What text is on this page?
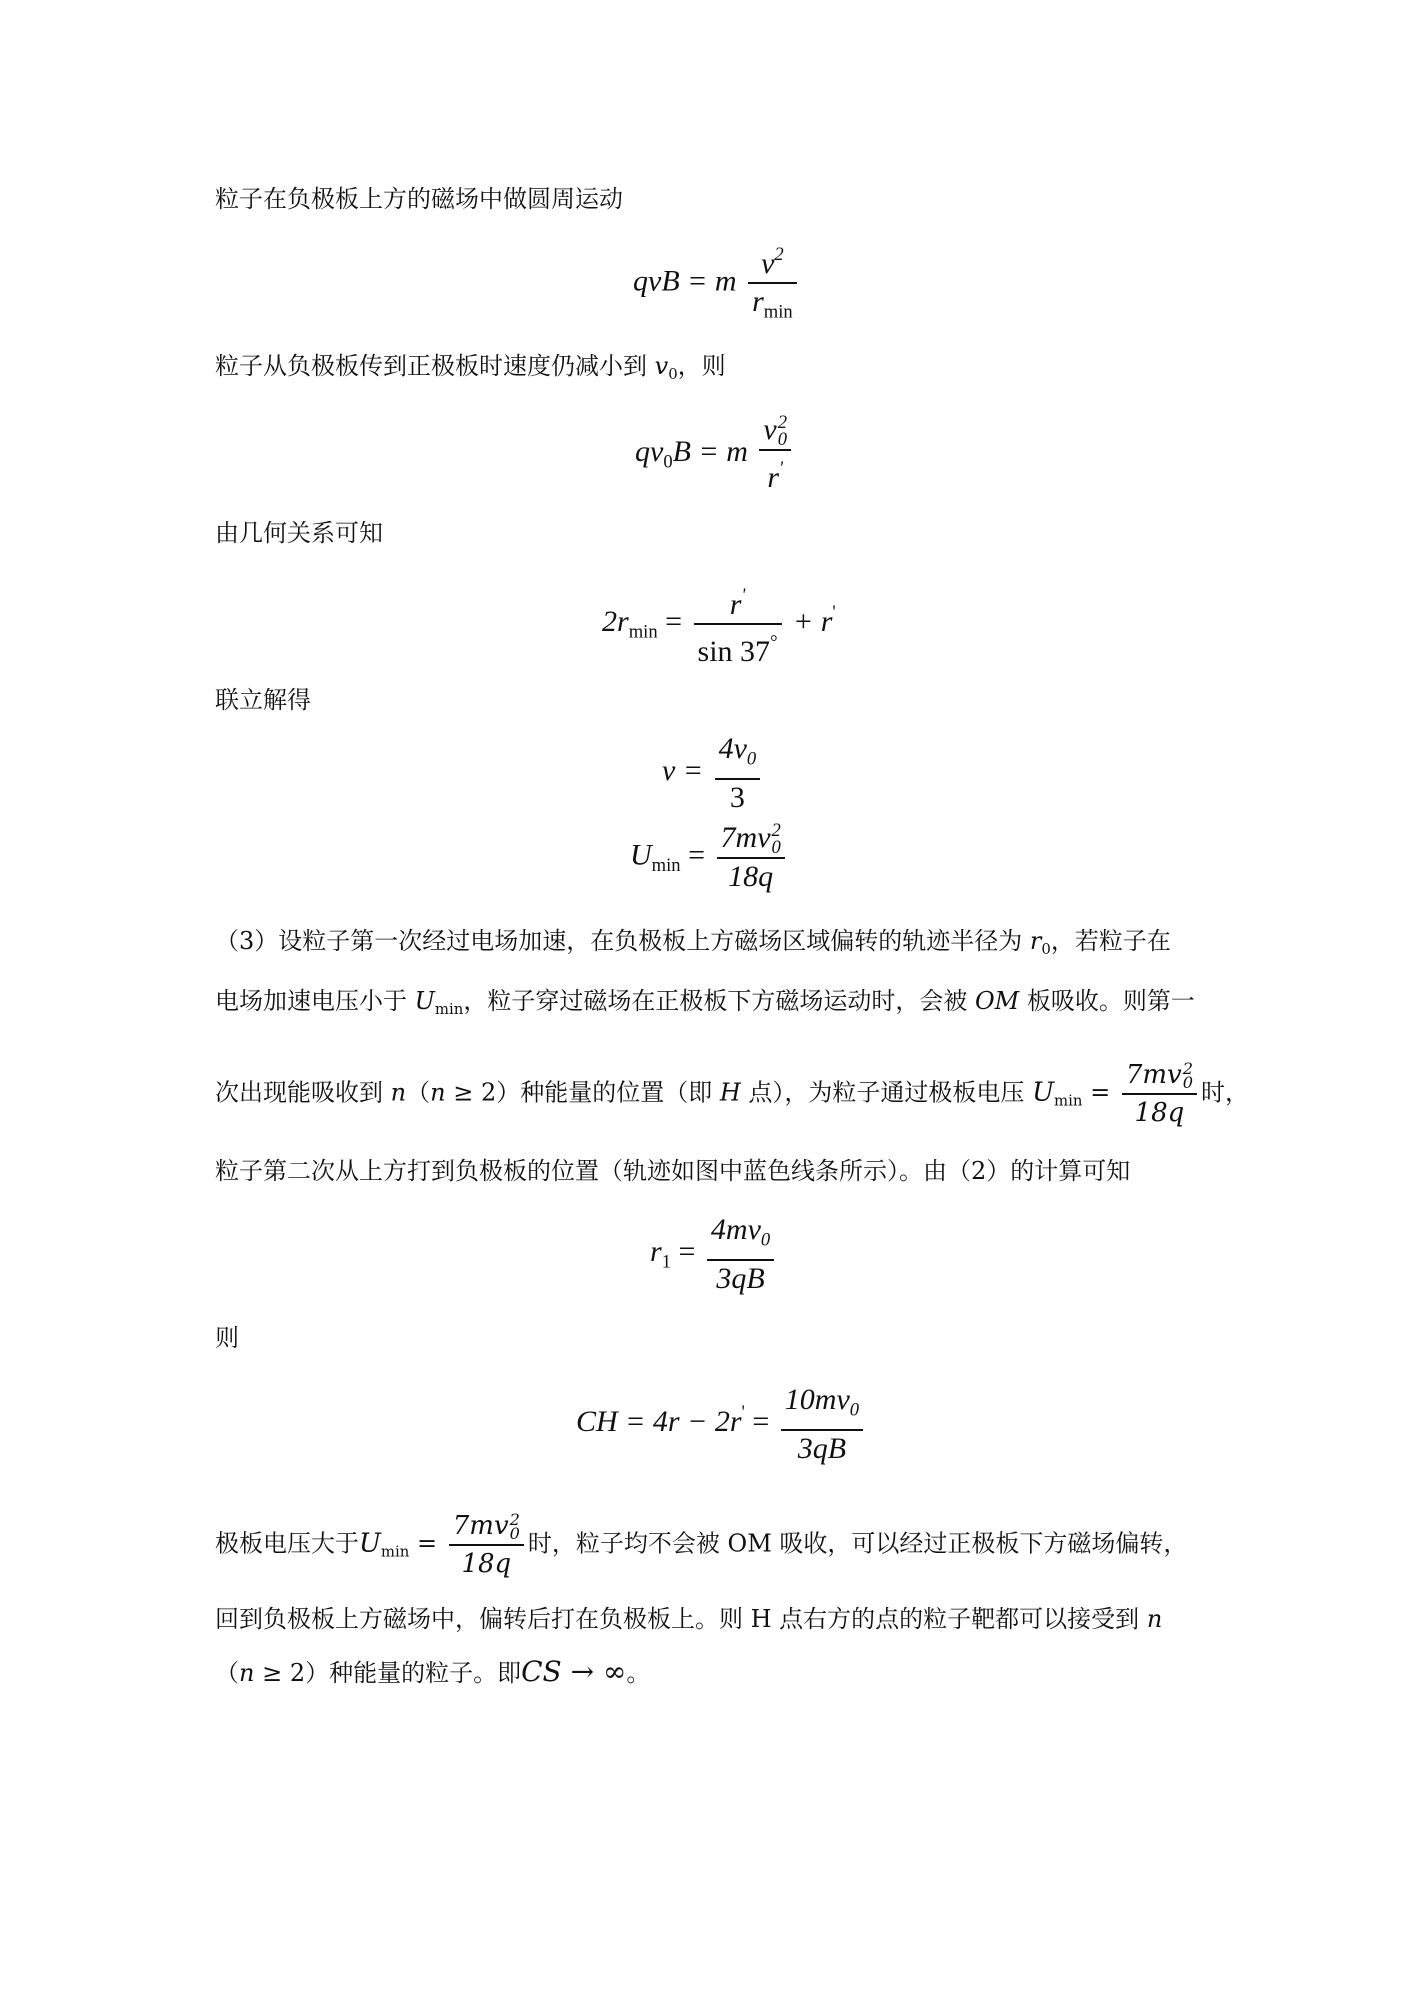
粒子在负极板上方的磁场中做圆周运动
qvB = m $\frac{v^2}{r_{min}}$
粒子从负极板传到正极板时速度仍减小到 $v_0$，则
$qv_0B = m$ v 2
0
r'
由几何关系可知
$2r_{min} = \frac{r'}{\sin 37^\circ} + r'$
联立解得
$v = \frac{4v_0}{3}$
$U_{min} = 7mv$ 2
0
18q
（3）设粒子第一次经过电场加速，在负极板上方磁场区域偏转的轨迹半径为 $r_0$，若粒子在
电场加速电压小于 $U_{min}$，粒子穿过磁场在正极板下方磁场运动时，会被 OM 板吸收。则第一
次出现能吸收到 n（n ≥ 2）种能量的位置（即 H 点），为粒子通过极板电压 $U_{min} = 7mv$ 2
0
18q 时，
粒子第二次从上方打到负极板的位置（轨迹如图中蓝色线条所示）。由（2）的计算可知
$r_1 = \frac{4mv_0}{3qB}$
则
CH = $4r - 2r' = \frac{10mv_0}{3qB}$
极板电压大于$U_{min} = 7mv$ 2
0
18q 时，粒子均不会被 OM 吸收，可以经过正极板下方磁场偏转，
回到负极板上方磁场中，偏转后打在负极板上。则 H 点右方的点的粒子靶都可以接受到 n
（n ≥ 2）种能量的粒子。即CS → ∞。
